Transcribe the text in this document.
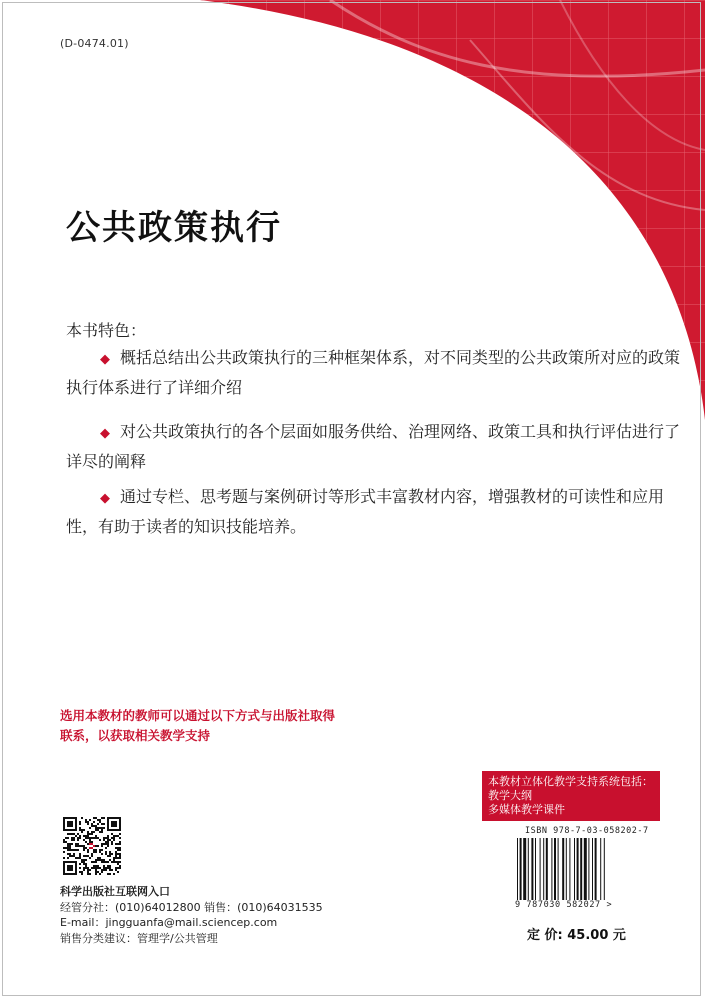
(D-0474.01)
公共政策执行
本书特色：
◆ 概括总结出公共政策执行的三种框架体系，对不同类型的公共政策所对应的政策执行体系进行了详细介绍
◆ 对公共政策执行的各个层面如服务供给、治理网络、政策工具和执行评估进行了详尽的阐释
◆ 通过专栏、思考题与案例研讨等形式丰富教材内容，增强教材的可读性和应用性，有助于读者的知识技能培养。
选用本教材的教师可以通过以下方式与出版社取得联系，以获取相关教学支持
本教材立体化教学支持系统包括：
教学大纲
多媒体教学课件
ISBN 978-7-03-058202-7
9 787030 582027 >
定 价: 45.00 元
科学出版社互联网入口
经管分社：(010)64012800 销售：(010)64031535
E-mail：jingguanfa@mail.sciencep.com
销售分类建议：管理学/公共管理
